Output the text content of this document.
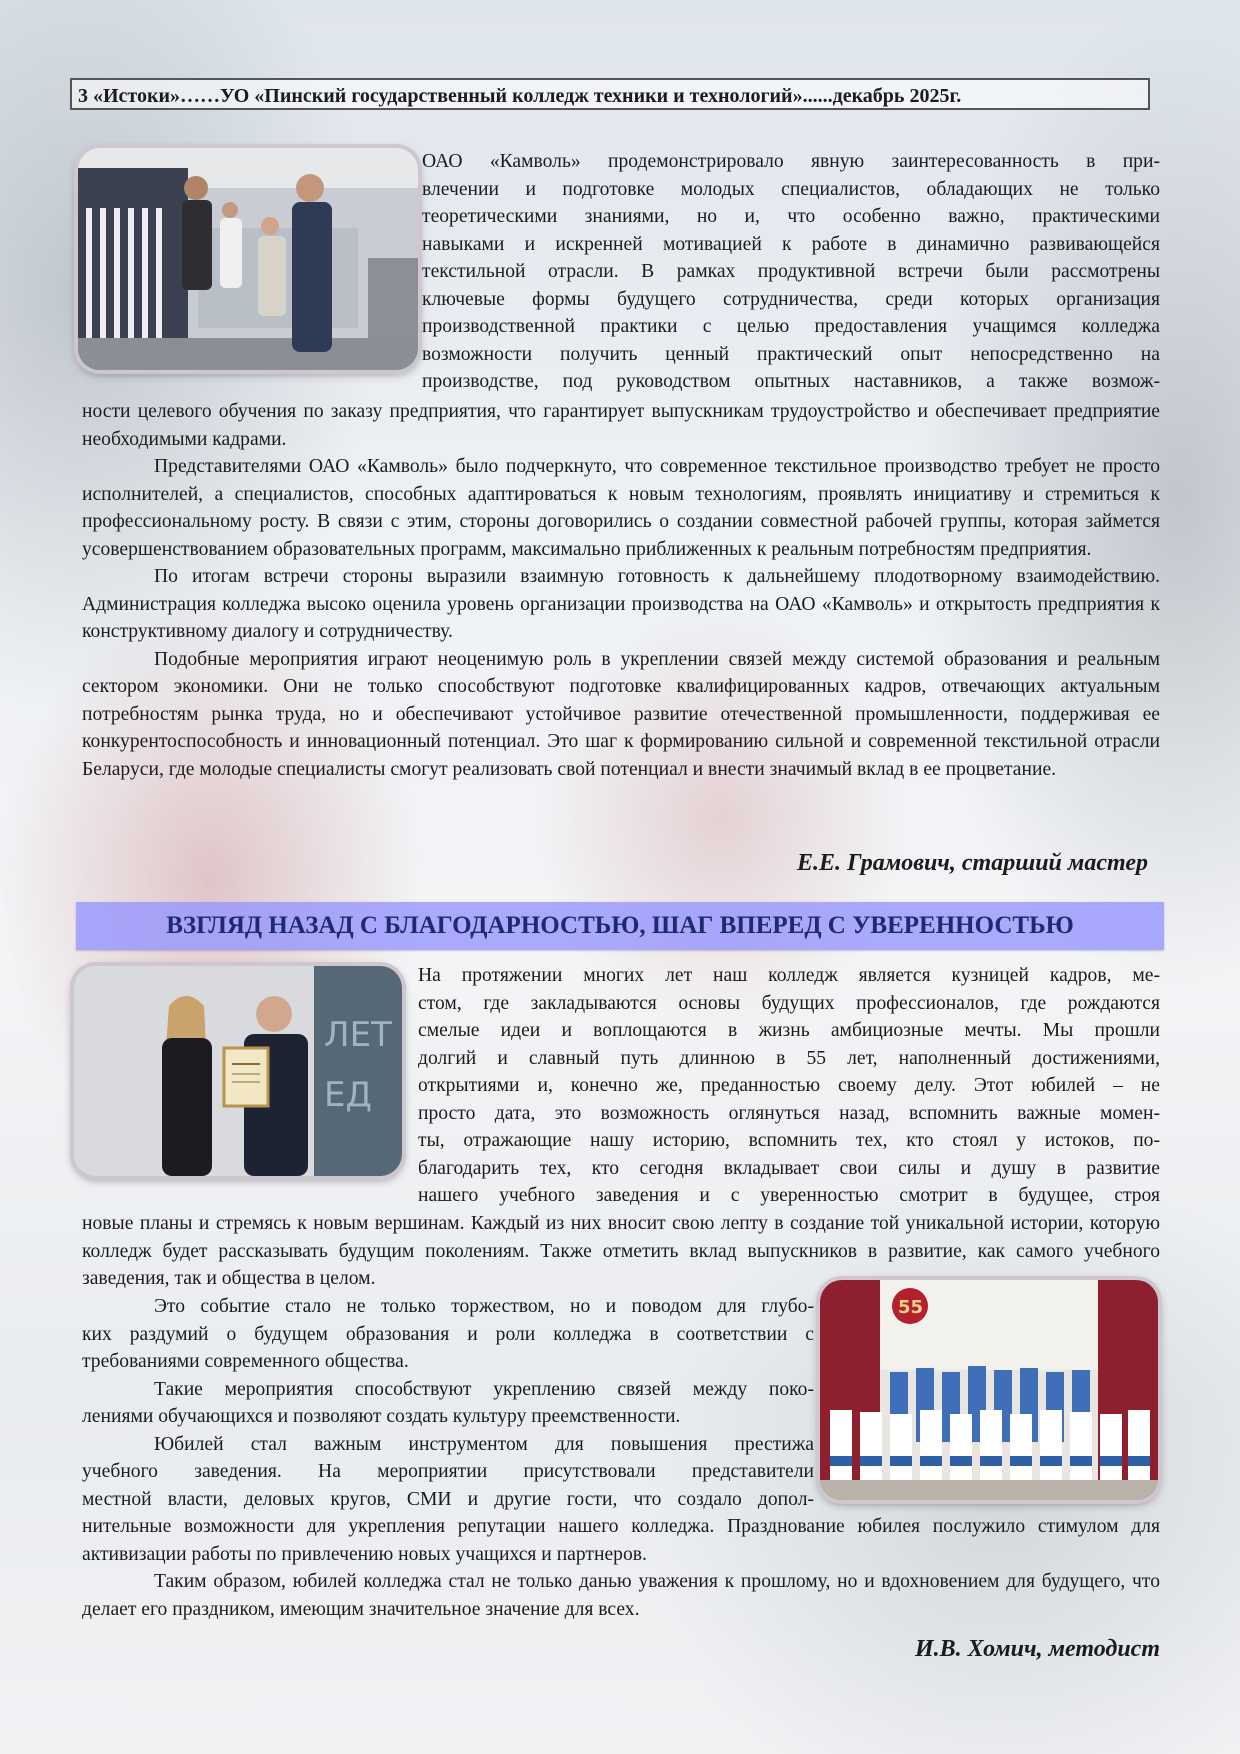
3 «Истоки»……УО «Пинский государственный колледж техники и технологий»......декабрь 2025г.

ОАО «Камволь» продемонстрировало явную заинтересованность в при-

влечении и подготовке молодых специалистов, обладающих не только

теоретическими знаниями, но и, что особенно важно, практическими

навыками и искренней мотивацией к работе в динамично развивающейся

текстильной отрасли. В рамках продуктивной встречи были рассмотрены

ключевые формы будущего сотрудничества, среди которых организация

производственной практики с целью предоставления учащимся колледжа

возможности получить ценный практический опыт непосредственно на

производстве, под руководством опытных наставников, а также возмож-

ности целевого обучения по заказу предприятия, что гарантирует выпускникам трудоустройство и обеспечивает предприятие необходимыми кадрами.

Представителями ОАО «Камволь» было подчеркнуто, что современное текстильное производство требует не просто исполнителей, а специалистов, способных адаптироваться к новым технологиям, проявлять инициативу и стремиться к профессиональному росту. В связи с этим, стороны договорились о создании совместной рабочей группы, которая займется усовершенствованием образовательных программ, максимально приближенных к реальным потребностям предприятия.

По итогам встречи стороны выразили взаимную готовность к дальнейшему плодотворному взаимодействию. Администрация колледжа высоко оценила уровень организации производства на ОАО «Камволь» и открытость предприятия к конструктивному диалогу и сотрудничеству.

Подобные мероприятия играют неоценимую роль в укреплении связей между системой образования и реальным сектором экономики. Они не только способствуют подготовке квалифицированных кадров, отвечающих актуальным потребностям рынка труда, но и обеспечивают устойчивое развитие отечественной промышленности, поддерживая ее конкурентоспособность и инновационный потенциал. Это шаг к формированию сильной и современной текстильной отрасли Беларуси, где молодые специалисты смогут реализовать свой потенциал и внести значимый вклад в ее процветание.

Е.Е. Грамович, старший мастер
ВЗГЛЯД НАЗАД С БЛАГОДАРНОСТЬЮ, ШАГ ВПЕРЕД С УВЕРЕННОСТЬЮ
ЛЕТ
ЕД

На протяжении многих лет наш колледж является кузницей кадров, ме-

стом, где закладываются основы будущих профессионалов, где рождаются

смелые идеи и воплощаются в жизнь амбициозные мечты. Мы прошли

долгий и славный путь длинною в 55 лет, наполненный достижениями,

открытиями и, конечно же, преданностью своему делу. Этот юбилей – не

просто дата, это возможность оглянуться назад, вспомнить важные момен-

ты, отражающие нашу историю, вспомнить тех, кто стоял у истоков, по-

благодарить тех, кто сегодня вкладывает свои силы и душу в развитие

нашего учебного заведения и с уверенностью смотрит в будущее, строя

новые планы и стремясь к новым вершинам. Каждый из них вносит свою лепту в создание той уникальной истории, которую колледж будет рассказывать будущим поколениям. Также отметить вклад выпускников в развитие, как самого учебного заведения, так и общества в целом.

55

Это событие стало не только торжеством, но и поводом для глубо-

ких раздумий о будущем образования и роли колледжа в соответствии с

требованиями современного общества.

Такие мероприятия способствуют укреплению связей между поко-

лениями обучающихся и позволяют создать культуру преемственности.

Юбилей стал важным инструментом для повышения престижа

учебного заведения. На мероприятии присутствовали представители

местной власти, деловых кругов, СМИ и другие гости, что создало допол-

нительные возможности для укрепления репутации нашего колледжа. Празднование юбилея послужило стимулом для активизации работы по привлечению новых учащихся и партнеров.

Таким образом, юбилей колледжа стал не только данью уважения к прошлому, но и вдохновением для будущего, что делает его праздником, имеющим значительное значение для всех.

И.В. Хомич, методист
